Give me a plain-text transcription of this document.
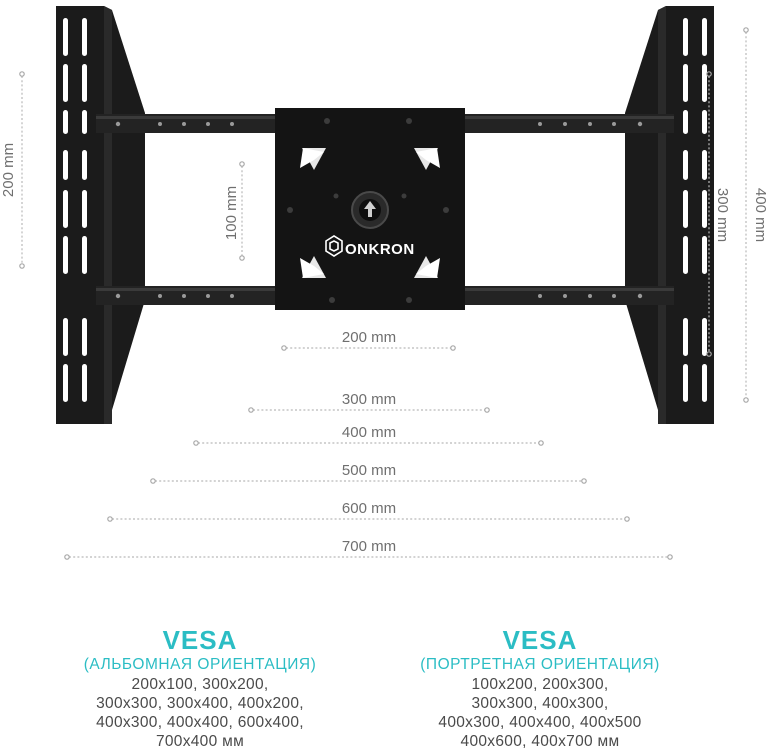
ONKRON
200 mm
100 mm	300 mm 400 mm
200 mm
300 mm
400 mm
500 mm
600 mm
700 mm
VESA
(АЛЬБОМНАЯ ОРИЕНТАЦИЯ)
200x100, 300x200,
300x300, 300x400, 400x200,
400x300, 400x400, 600x400,
700x400 мм
VESA
(ПОРТРЕТНАЯ ОРИЕНТАЦИЯ)
100x200, 200x300,
300x300, 400x300,
400x300, 400x400, 400x500
400x600, 400x700 мм
